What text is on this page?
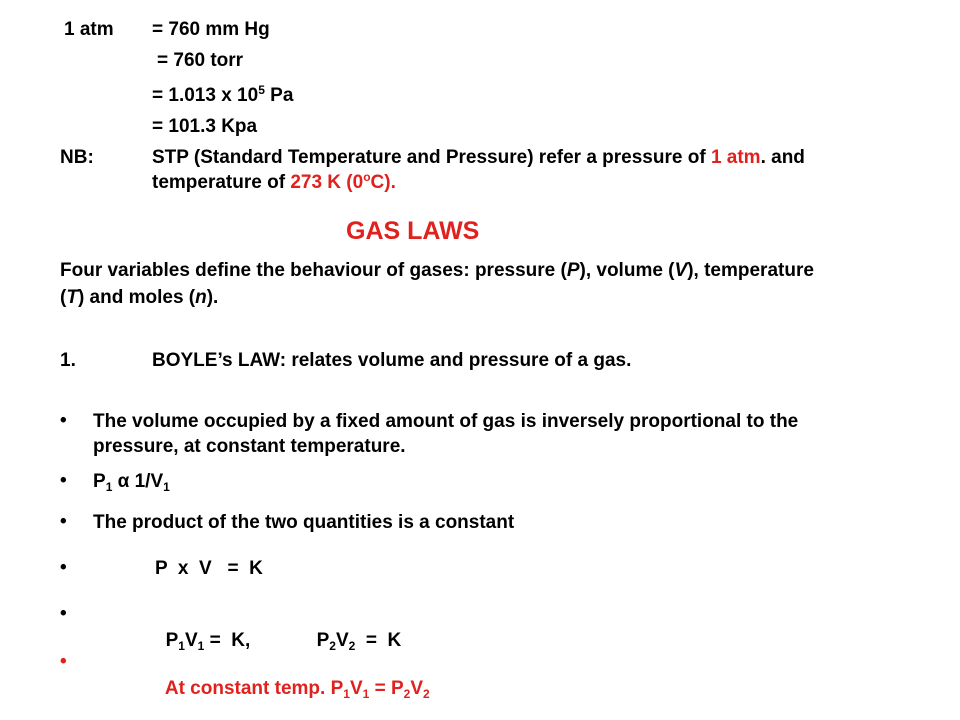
1 atm = 760 mm Hg
= 760 torr
= 1.013 x $10^5$ Pa
= 101.3 Kpa
NB:	STP (Standard Temperature and Pressure) refer a pressure of 1 atm. and
temperature of 273 K (0$^o$C).
GAS LAWS
Four variables define the behaviour of gases: pressure (P), volume (V), temperature
(T) and moles (n).
1.	BOYLE’s LAW: relates volume and pressure of a gas.
• The volume occupied by a fixed amount of gas is inversely proportional to the
pressure, at constant temperature.
• $P_1$ α $1/V_1$
• The product of the two quantities is a constant
•	P  x  V   =  K
•

$P_1V_1 = K$,	$P_2V_2 = K$

•

At constant temp. $P_1V_1 = P_2V_2$
